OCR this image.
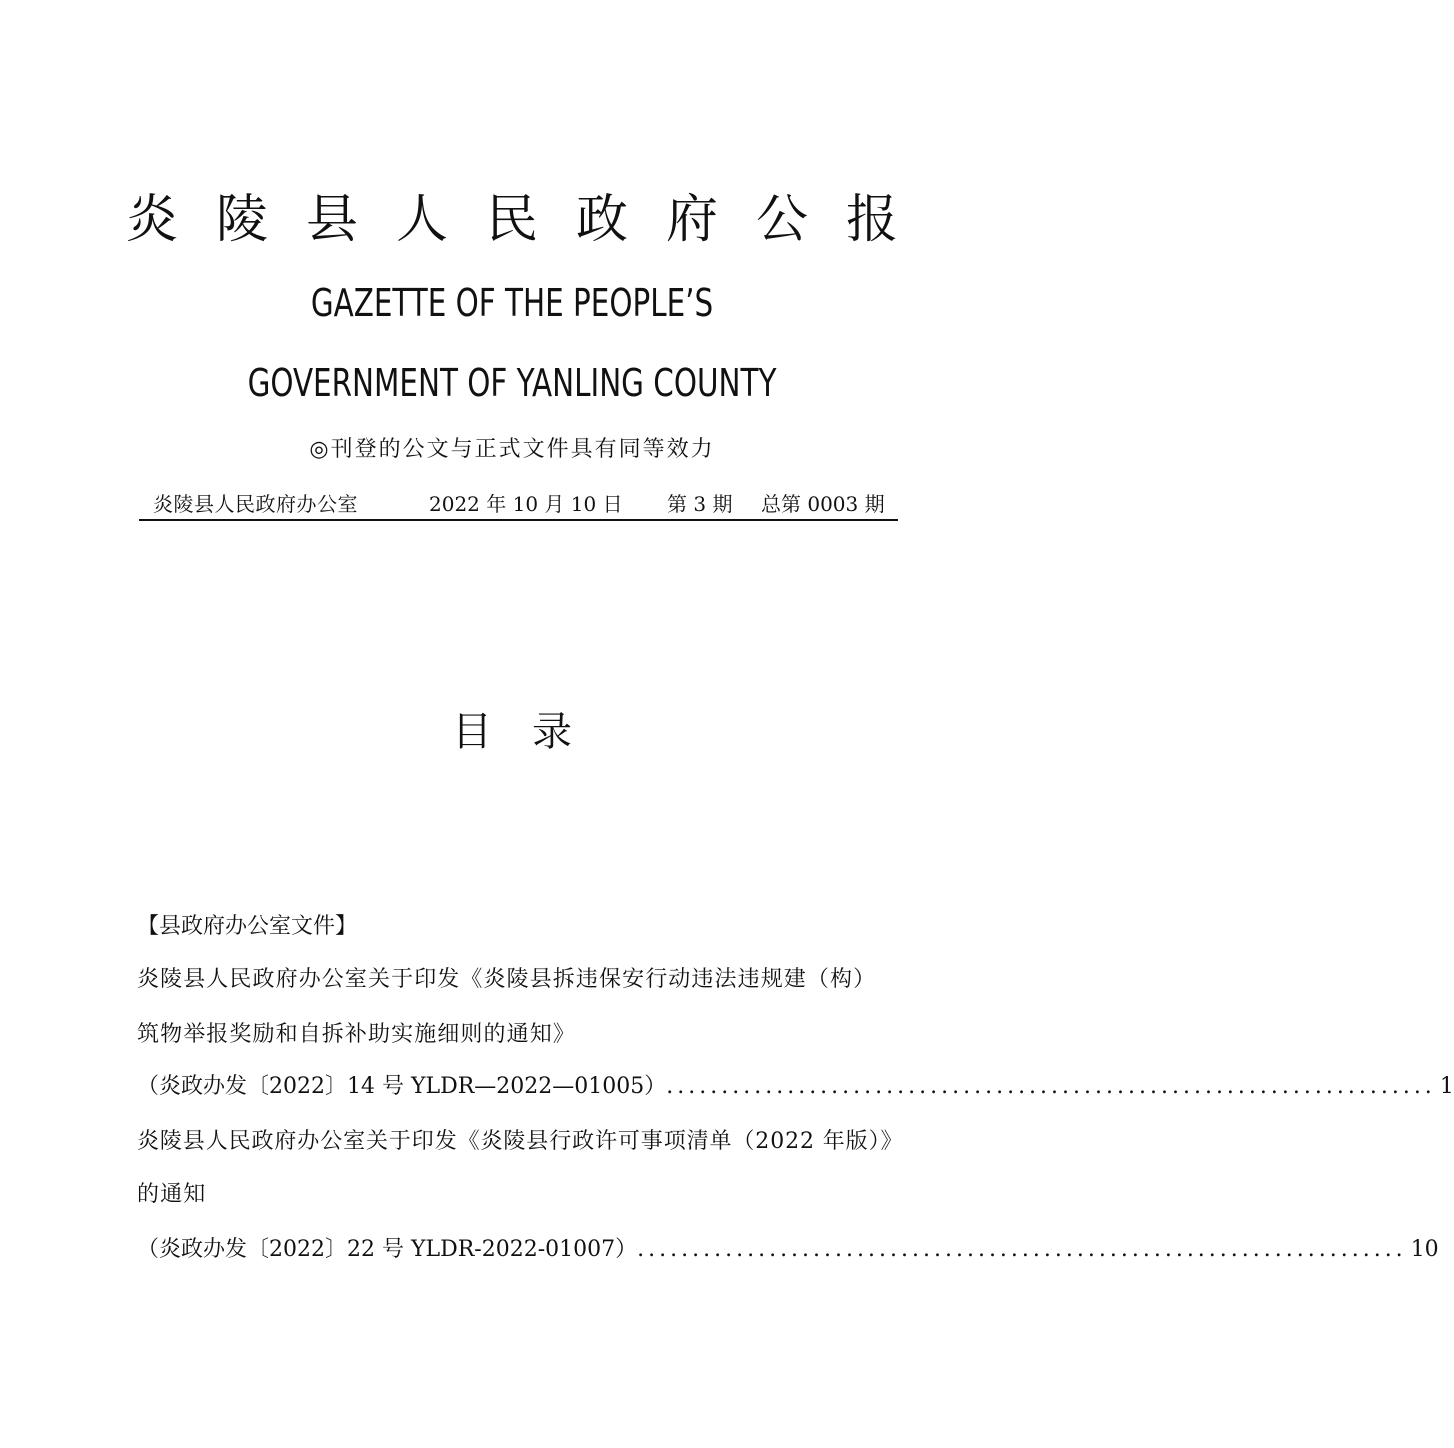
炎陵县人民政府公报
GAZETTE OF THE PEOPLE’S
GOVERNMENT OF YANLING COUNTY
◎刊登的公文与正式文件具有同等效力
炎陵县人民政府办公室	2022 年 10 月 10 日 第 3 期 总第 0003 期
目录
【县政府办公室文件】
炎陵县人民政府办公室关于印发《炎陵县拆违保安行动违法违规建（构）
筑物举报奖励和自拆补助实施细则的通知》
（炎政办发〔2022〕14 号 YLDR—2022—01005） ...................................................................... 1
炎陵县人民政府办公室关于印发《炎陵县行政许可事项清单（2022 年版）》
的通知
（炎政办发〔2022〕22 号 YLDR-2022-01007） ...................................................................... 10
